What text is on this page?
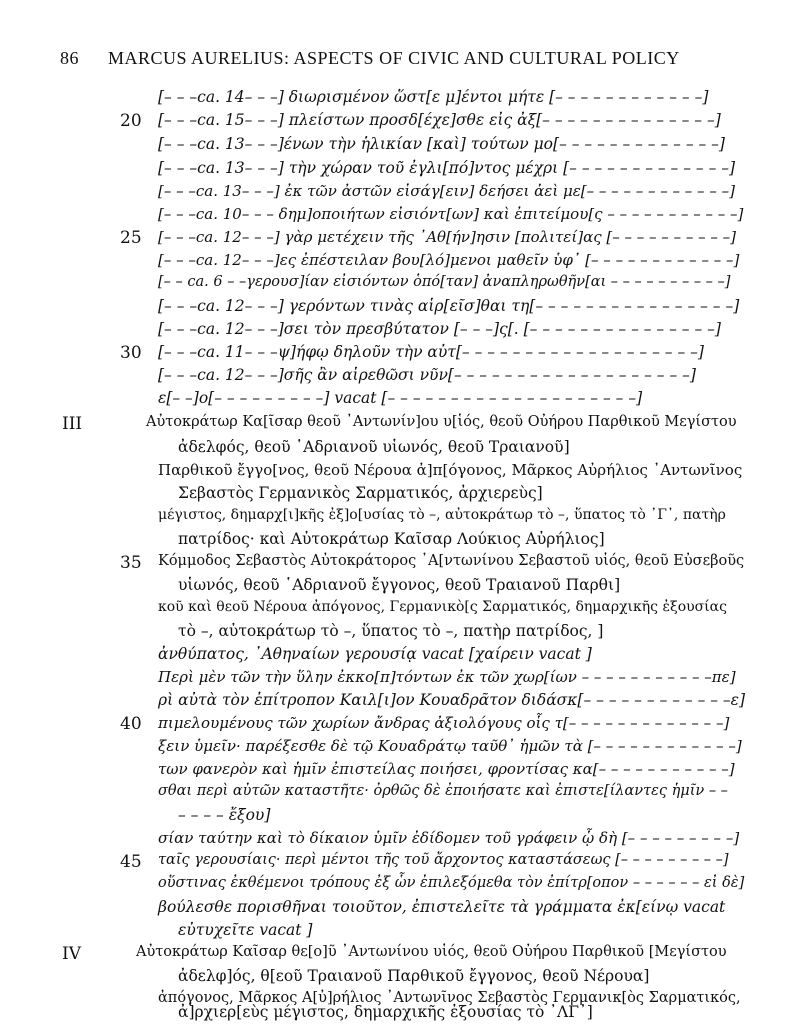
86 MARCUS AURELIUS: ASPECTS OF CIVIC AND CULTURAL POLICY
[– – –ca. 14– – –] διωρισμένον ὥστ[ε μ]έντοι μήτε [– – – – – – – – – – – –]
20 [– – –ca. 15– – –] πλείστων προσδ[έχε]σθε εἰς ἀξ[– – – – – – – – – – – – – –]
[– – –ca. 13– – –]ένων τὴν ἡλικίαν [καὶ] τούτων μο[– – – – – – – – – – – – –]
[– – –ca. 13– – –] τὴν χώραν τοῦ ἐγλι[πό]ντος μέχρι [– – – – – – – – – – – – –]
[– – –ca. 13– – –] ἐκ τῶν ἀστῶν εἰσάγ[ειν] δεήσει ἀεὶ με[– – – – – – – – – – – –]
[– – –ca. 10– – – δημ]οποιήτων εἰσιόντ[ων] καὶ ἐπιτείμου[ς – – – – – – – – – – –]
25 [– – –ca. 12– – –] γὰρ μετέχειν τῆς ᾿Αθ[ήν]ησιν [πολιτεί]ας [– – – – – – – – – –]
[– – –ca. 12– – –]ες ἐπέστειλαν βου[λό]μενοι μαθεῖν ὑφ᾿ [– – – – – – – – – – – –]
[– – ca. 6 – –γερουσ]ίαν εἰσιόντων ὁπό[ταν] ἀναπληρωθῆν[αι – – – – – – – – – –]
[– – –ca. 12– – –] γερόντων τινὰς αἱρ[εῖσ]θαι τη[– – – – – – – – – – – – – – – –]
[– – –ca. 12– – –]σει τὸν πρεσβύτατον [– – –]ς[. [– – – – – – – – – – – – – – –]
30 [– – –ca. 11– – –ψ]ήφῳ δηλοῦν τὴν αὐτ[– – – – – – – – – – – – – – – – – – –]
[– – –ca. 12– – –]σῆς ἂν αἱρεθῶσι νῦν[– – – – – – – – – – – – – – – – – – –]
ε[– –]ο[– – – – – – – – –] vacat [– – – – – – – – – – – – – – – – – – – –]
III	Αὐτοκράτωρ Κα[ῖσαρ θεοῦ ᾿Αντωνίν]ου υ[ἱός, θεοῦ Οὐήρου Παρθικοῦ Μεγίστου
ἀδελφός, θεοῦ ῾Αδριανοῦ υἱωνός, θεοῦ Τραιανοῦ]
Παρθικοῦ ἔγγο[νος, θεοῦ Νέρουα ἀ]π[όγονος, Μᾶρκος Αὐρήλιος ᾿Αντωνῖνος
Σεβαστὸς Γερμανικὸς Σαρματικός, ἀρχιερεὺς]
μέγιστος, δημαρχ[ι]κῆς ἐξ]ο[υσίας τὸ –, αὐτοκράτωρ τὸ –, ὕπατος τὸ ᾿Γ᾿, πατὴρ
πατρίδος· καὶ Αὐτοκράτωρ Καῖσαρ Λούκιος Αὐρήλιος]
35 Κόμμοδος Σεβαστὸς Αὐτοκράτορος ᾿Α[ντωνίνου Σεβαστοῦ υἱός, θεοῦ Εὐσεβοῦς
υἱωνός, θεοῦ ῾Αδριανοῦ ἔγγονος, θεοῦ Τραιανοῦ Παρθι]
κοῦ καὶ θεοῦ Νέρουα ἀπόγονος, Γερμανικὸ[ς Σαρματικός, δημαρχικῆς ἐξουσίας
τὸ –, αὐτοκράτωρ τὸ –, ὕπατος τὸ –, πατὴρ πατρίδος, ]
ἀνθύπατος, ᾿Αθηναίων γερουσίᾳ vacat [χαίρειν vacat ]
Περὶ μὲν τῶν τὴν ὕλην ἐκκο[π]τόντων ἐκ τῶν χωρ[ίων – – – – – – – – – – –πε]
ρὶ αὐτὰ τὸν ἐπίτροπον Καιλ[ι]ον Κουαδρᾶτον διδάσκ[– – – – – – – – – – – –ε]
40 πιμελουμένους τῶν χωρίων ἄνδρας ἀξιολόγους οἷς τ[– – – – – – – – – – – – –]
ξειν ὑμεῖν· παρέξεσθε δὲ τῷ Κουαδράτῳ ταῦθ᾿ ἡμῶν τὰ [– – – – – – – – – – – –]
των φανερὸν καὶ ἡμῖν ἐπιστείλας ποιήσει, φροντίσας κα[– – – – – – – – – – –]
σθαι περὶ αὐτῶν καταστῆτε· ὀρθῶς δὲ ἐποιήσατε καὶ ἐπιστε[ίλαντες ἡμῖν – –
– – – – ἔξου]
σίαν ταύτην καὶ τὸ δίκαιον ὑμῖν ἐδίδομεν τοῦ γράφειν ᾧ δὴ [– – – – – – – – –]
45 ταῖς γερουσίαις· περὶ μέντοι τῆς τοῦ ἄρχοντος καταστάσεως [– – – – – – – – –]
οὕστινας ἐκθέμενοι τρόπους ἐξ ὧν ἐπιλεξόμεθα τὸν ἐπίτρ[οπον – – – – – – εἰ δὲ]
βούλεσθε πορισθῆναι τοιοῦτον, ἐπιστελεῖτε τὰ γράμματα ἐκ[είνῳ vacat
εὐτυχεῖτε vacat ]
IV	Αὐτοκράτωρ Καῖσαρ θε[ο]ῦ ᾿Αντωνίνου υἱός, θεοῦ Οὐήρου Παρθικοῦ [Μεγίστου
ἀδελφ]ός, θ[εοῦ Τραιανοῦ Παρθικοῦ ἔγγονος, θεοῦ Νέρουα]
ἀπόγονος, Μᾶρκος Α[ὐ]ρήλιος ᾿Αντωνῖνος Σεβαστὸς Γερμανικ[ὸς Σαρματικός,
ἀ]ρχιερ[εὺς μέγιστος, δημαρχικῆς ἐξουσίας τὸ ᾿ΛΓ᾿]
